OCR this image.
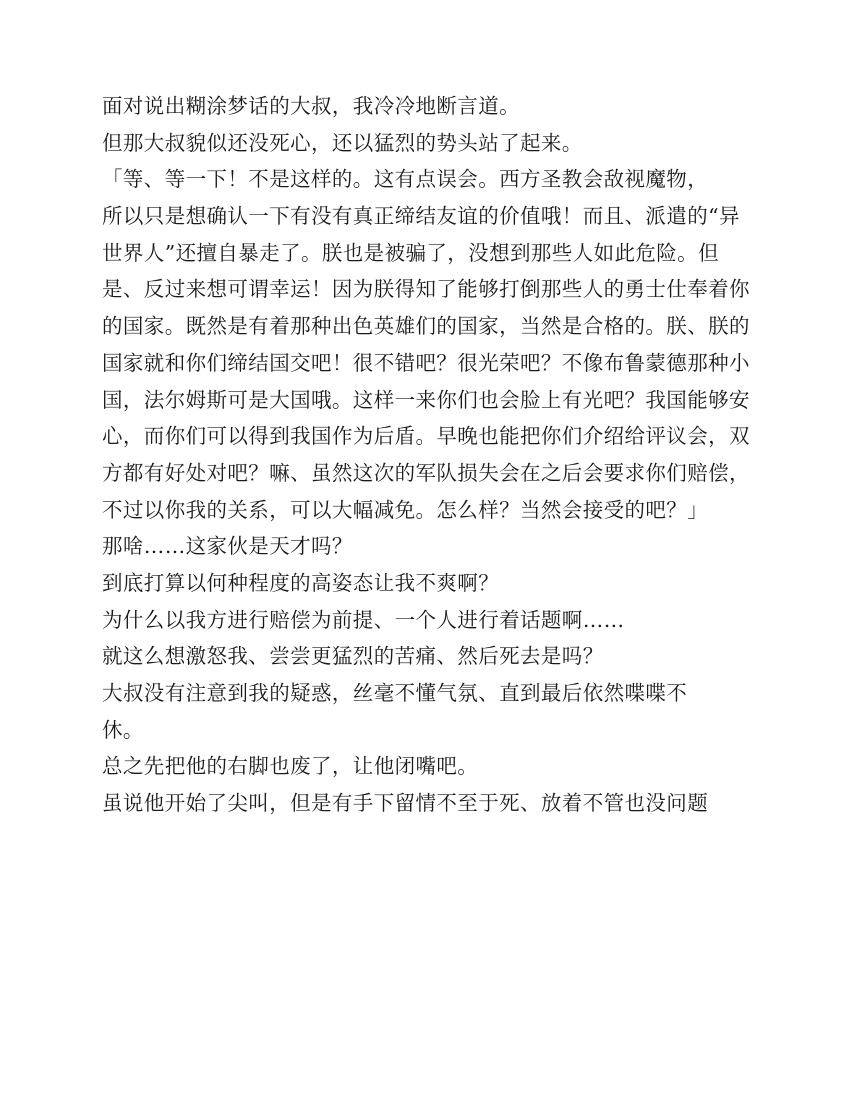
面对说出糊涂梦话的大叔，我冷冷地断言道。
但那大叔貌似还没死心，还以猛烈的势头站了起来。
「等、等一下！不是这样的。这有点误会。西方圣教会敌视魔物，
所以只是想确认一下有没有真正缔结友谊的价值哦！而且、派遣的“异
世界人”还擅自暴走了。朕也是被骗了，没想到那些人如此危险。但
是、反过来想可谓幸运！因为朕得知了能够打倒那些人的勇士仕奉着你
的国家。既然是有着那种出色英雄们的国家，当然是合格的。朕、朕的
国家就和你们缔结国交吧！很不错吧？很光荣吧？不像布鲁蒙德那种小
国，法尔姆斯可是大国哦。这样一来你们也会脸上有光吧？我国能够安
心，而你们可以得到我国作为后盾。早晚也能把你们介绍给评议会，双
方都有好处对吧？嘛、虽然这次的军队损失会在之后会要求你们赔偿，
不过以你我的关系，可以大幅减免。怎么样？当然会接受的吧？」
那啥……这家伙是天才吗？
到底打算以何种程度的高姿态让我不爽啊？
为什么以我方进行赔偿为前提、一个人进行着话题啊……
就这么想激怒我、尝尝更猛烈的苦痛、然后死去是吗？
大叔没有注意到我的疑惑，丝毫不懂气氛、直到最后依然喋喋不
休。
总之先把他的右脚也废了，让他闭嘴吧。
虽说他开始了尖叫，但是有手下留情不至于死、放着不管也没问题
